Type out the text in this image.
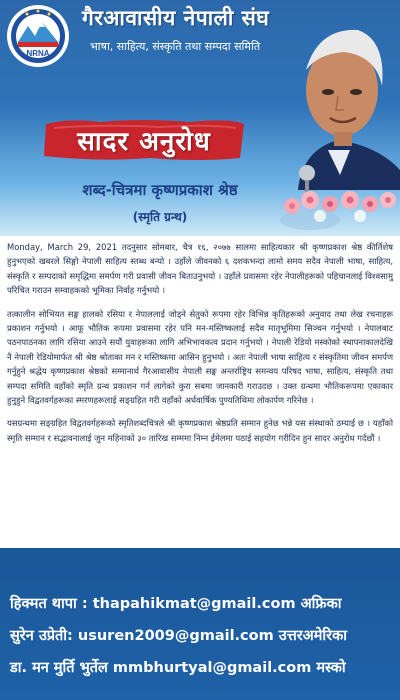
NRNA
गैरआवासीय नेपाली संघ
भाषा, साहित्य, संस्कृति तथा सम्पदा समिति
सादर अनुरोध
शब्द-चित्रमा कृष्णप्रकाश श्रेष्ठ
(स्मृति ग्रन्थ)

Monday, March 29, 2021 तदनुसार सोमबार, चैत्र १६, २०७७ सालमा साहित्यकार श्री कृष्णप्रकाश श्रेष्ठ कीर्तिशेष हुनुभएको खबरले सिङ्गो नेपाली साहित्य स्तब्ध बन्यो । उहाँले जीवनको ६ दशकभन्दा लामो समय सदैव नेपाली भाषा, साहित्य, संस्कृति र सम्पदाको समृद्धिमा समर्पण गरी प्रवासी जीवन बिताउनुभयो । उहाँले प्रवासमा रहेर नेपालीहरूको पहिचानलाई विश्वसामु परिचित गराउन सम्वाहकको भूमिका निर्वाह गर्नुभयो ।

तत्कालीन सोभियत सङ्घ हालको रसिया र नेपाललाई जोड्ने सेतुको रूपमा रहेर विभिन्न कृतिहरूको अनुवाद तथा लेख रचनाहरू प्रकाशन गर्नुभयो । आफू भौतिक रूपमा प्रवासमा रहेर पनि मन-मस्तिष्कलाई सदैव मातृभूमिमा सिञ्चन गर्नुभयो । नेपालबाट पठनपाठनका लागि रसिया आउने सयौं युवाहरूका लागि अभिभावकत्व प्रदान गर्नुभयो । नेपाली रेडियो मस्कोको स्थापनाकालदेखि नै नेपाली रेडियोमार्फत श्री श्रेष्ठ श्रोताका मन र मस्तिष्कमा आसिन हुनुभयो । अतः नेपाली भाषा साहित्य र संस्कृतिमा जीवन समर्पण गर्नुहुने श्रद्धेय कृष्णप्रकाश श्रेष्ठको सम्मानार्थ गैरआवासीय नेपाली सङ्घ अन्तर्राष्ट्रिय समन्वय परिषद भाषा, साहित्य, संस्कृति तथा सम्पदा समिति वहाँको स्मृति ग्रन्थ प्रकाशन गर्न लागेको कुरा सबमा जानकारी गराउदछ । उक्त ग्रन्थमा भौतिकरूपमा एकाकार हुनुहुने विद्वतवर्गहरूका स्मरणहरूलाई सङ्ग्रहित गरी वहाँको अर्धवार्षिक पुण्यतिथिमा लोकार्पण गरिनेछ ।

यसग्रन्थमा सङ्ग्रहित विद्वतवर्गहरूको स्मृतिशब्दचित्रले श्री कृष्णप्रकाश श्रेष्ठप्रति सम्मान हुनेछ भन्ने यस संस्थाको ठम्याई छ । यहाँको स्मृति सम्मान र सद्भावनालाई जुन महिनाको ३० तारिख सम्ममा निम्न ईमेलमा पठाई सहयोग गरीदिन हुन सादर अनुरोध गर्दछौं ।

हिक्मत थापा : thapahikmat@gmail.com अफ्रिका
सुरेन उप्रेती: usuren2009@gmail.com उत्तरअमेरिका
डा. मन मुर्ति भुर्तेल mmbhurtyal@gmail.com मस्को
